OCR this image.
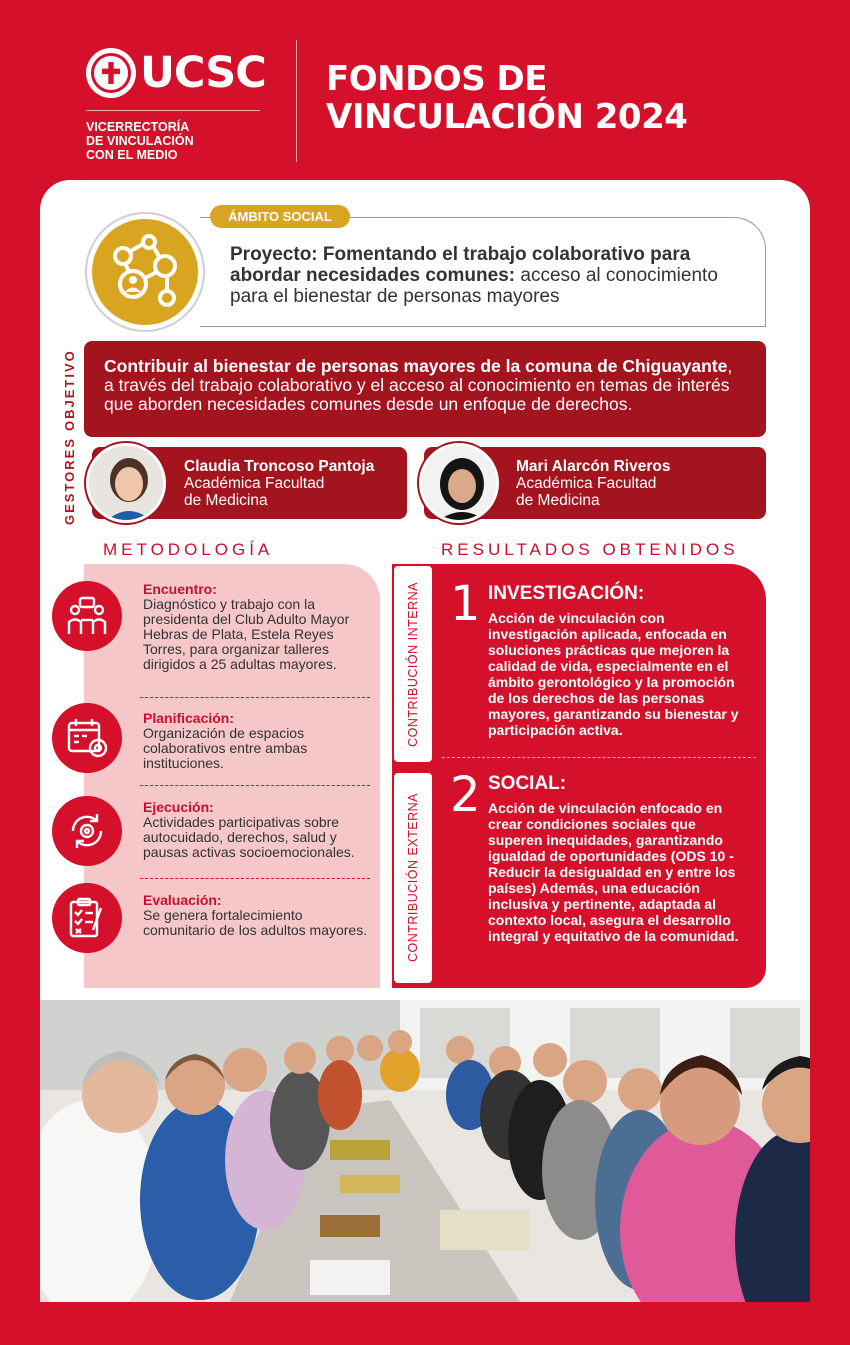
UCSC
VICERRECTORÍA
DE VINCULACIÓN
CON EL MEDIO
FONDOS DE
VINCULACIÓN 2024
ÁMBITO SOCIAL
Proyecto: Fomentando el trabajo colaborativo para abordar necesidades comunes: acceso al conocimiento para el bienestar de personas mayores
OBJETIVO	Contribuir al bienestar de personas mayores de la comuna de Chiguayante, a través del trabajo colaborativo y el acceso al conocimiento en temas de interés que aborden necesidades comunes desde un enfoque de derechos.
GESTORES	Claudia Troncoso Pantoja
Académica Facultad
de Medicina
Mari Alarcón Riveros
Académica Facultad
de Medicina
METODOLOGÍA	RESULTADOS OBTENIDOS
Encuentro:
Diagnóstico y trabajo con la presidenta del Club Adulto Mayor Hebras de Plata, Estela Reyes Torres, para organizar talleres dirigidos a 25 adultas mayores.
Planificación:
Organización de espacios colaborativos entre ambas instituciones.
Ejecución:
Actividades participativas sobre autocuidado, derechos, salud y pausas activas socioemocionales.
Evaluación:
Se genera fortalecimiento comunitario de los adultos mayores.
CONTRIBUCIÓN INTERNA
CONTRIBUCIÓN EXTERNA
1 INVESTIGACIÓN:
Acción de vinculación con investigación aplicada, enfocada en soluciones prácticas que mejoren la calidad de vida, especialmente en el ámbito gerontológico y la promoción de los derechos de las personas mayores, garantizando su bienestar y participación activa.
2 SOCIAL:
Acción de vinculación enfocado en crear condiciones sociales que superen inequidades, garantizando igualdad de oportunidades (ODS 10 - Reducir la desigualdad en y entre los países) Además, una educación inclusiva y pertinente, adaptada al contexto local, asegura el desarrollo integral y equitativo de la comunidad.
